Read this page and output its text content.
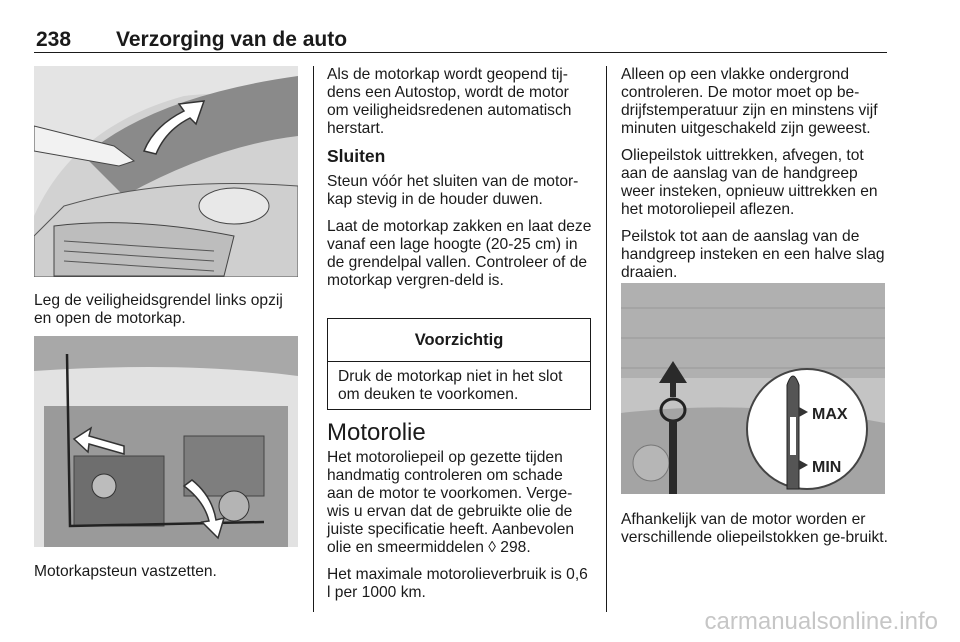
238 Verzorging van de auto

Leg de veiligheidsgrendel links opzij en open de motorkap.

Motorkapsteun vastzetten.

Als de motorkap wordt geopend tij-dens een Autostop, wordt de motor om veiligheidsredenen automatisch herstart.

Sluiten

Steun vóór het sluiten van de motor-kap stevig in de houder duwen.

Laat de motorkap zakken en laat deze vanaf een lage hoogte (20-25 cm) in de grendelpal vallen. Controleer of de motorkap vergren-deld is.

Voorzichtig
Druk de motorkap niet in het slot om deuken te voorkomen.
Motorolie

Het motoroliepeil op gezette tijden handmatig controleren om schade aan de motor te voorkomen. Verge-wis u ervan dat de gebruikte olie de juiste specificatie heeft. Aanbevolen olie en smeermiddelen ◊ 298.

Het maximale motorolieverbruik is 0,6 l per 1000 km.

Alleen op een vlakke ondergrond controleren. De motor moet op be-drijfstemperatuur zijn en minstens vijf minuten uitgeschakeld zijn geweest.

Oliepeilstok uittrekken, afvegen, tot aan de aanslag van de handgreep weer insteken, opnieuw uittrekken en het motoroliepeil aflezen.

Peilstok tot aan de aanslag van de handgreep insteken en een halve slag draaien.

MAX
MIN

Afhankelijk van de motor worden er verschillende oliepeilstokken ge-bruikt.

carmanualsonline.info
